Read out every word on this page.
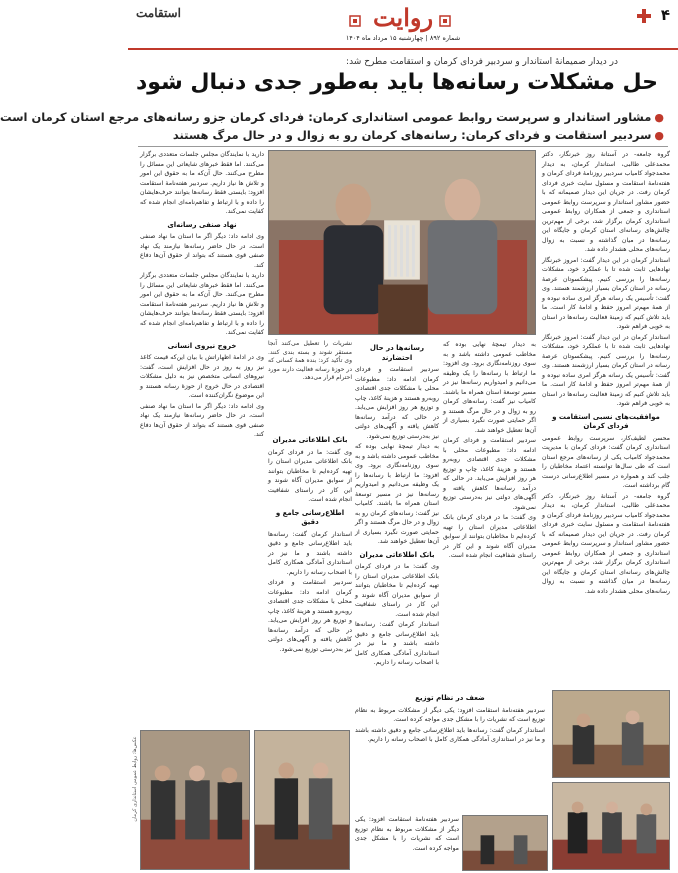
۴
روایت
استقامت
شماره ۸۹۲ | چهارشنبه ۱۵ مرداد ماه ۱۴۰۴
در دیدار صمیمانهٔ استاندار و سردبیر فردای کرمان و استقامت مطرح شد:
حل مشکلات رسانه‌ها باید به‌طور جدی دنبال شود
●مشاور استاندار و سرپرست روابط عمومی استانداری کرمان: فردای کرمان جزو رسانه‌های مرجع استان کرمان است
●سردبیر استقامت و فردای کرمان: رسانه‌های کرمان رو به زوال و در حال مرگ هستند

گروه جامعه- در آستانهٔ روز خبرنگار، دکتر محمدعلی طالبی، استاندار کرمان، به دیدار محمدجواد کامیاب سردبیر روزنامهٔ فردای کرمان و هفته‌نامهٔ استقامت و مسئول سایت خبری فردای کرمان رفت. در جریان این دیدار صمیمانه که با حضور مشاور استاندار و سرپرست روابط عمومی استانداری و جمعی از همکاران روابط عمومی استانداری کرمان برگزار شد، برخی از مهم‌ترین چالش‌های رسانه‌ای استان کرمان و جایگاه این رسانه‌ها در میان گذاشته و نسبت به زوال رسانه‌های محلی هشدار داده شد.

استاندار کرمان در این دیدار گفت: امروز خبرنگار نهادهایی ثابت شده تا با عملکرد خود، مشکلات رسانه‌ها را بررسی کنیم. پیشکسوتان عرصهٔ رسانه در استان کرمان بسیار ارزشمند هستند. وی گفت: تأسیس یک رسانه هرگز امری ساده نبوده و از همهٔ مهم‌تر امروز حفظ و ادامهٔ کار است. ما باید تلاش کنیم که زمینهٔ فعالیت رسانه‌ها در استان به خوبی فراهم شود.

استاندار کرمان در این دیدار گفت: امروز خبرنگار نهادهایی ثابت شده تا با عملکرد خود، مشکلات رسانه‌ها را بررسی کنیم. پیشکسوتان عرصهٔ رسانه در استان کرمان بسیار ارزشمند هستند. وی گفت: تأسیس یک رسانه هرگز امری ساده نبوده و از همهٔ مهم‌تر امروز حفظ و ادامهٔ کار است. ما باید تلاش کنیم که زمینهٔ فعالیت رسانه‌ها در استان به خوبی فراهم شود.

موافقیت‌های نسبی استقامت و فردای کرمان

محسن لطیف‌کار، سرپرست روابط عمومی استانداری کرمان گفت: فردای کرمان با مدیریت محمدجواد کامیاب یکی از رسانه‌های مرجع استان است که طی سال‌ها توانسته اعتماد مخاطبان را جلب کند و همواره در مسیر اطلاع‌رسانی درست گام برداشته است.

گروه جامعه- در آستانهٔ روز خبرنگار، دکتر محمدعلی طالبی، استاندار کرمان، به دیدار محمدجواد کامیاب سردبیر روزنامهٔ فردای کرمان و هفته‌نامهٔ استقامت و مسئول سایت خبری فردای کرمان رفت. در جریان این دیدار صمیمانه که با حضور مشاور استاندار و سرپرست روابط عمومی استانداری و جمعی از همکاران روابط عمومی استانداری کرمان برگزار شد، برخی از مهم‌ترین چالش‌های رسانه‌ای استان کرمان و جایگاه این رسانه‌ها در میان گذاشته و نسبت به زوال رسانه‌های محلی هشدار داده شد.

نشریات را تعطیل می‌کنند آنجا مستقر شوند و بسته بندی کنند. وی تأکید کرد: بنده همهٔ کسانی که در حوزهٔ رسانه فعالیت دارند مورد احترام قرار می‌دهد.
رسانه‌ها در حال احتضارند

سردبیر استقامت و فردای کرمان ادامه داد: مطبوعات محلی با مشکلات جدی اقتصادی روبه‌رو هستند و هزینهٔ کاغذ، چاپ و توزیع هر روز افزایش می‌یابد. در حالی که درآمد رسانه‌ها کاهش یافته و آگهی‌های دولتی نیز به‌درستی توزیع نمی‌شود.

به دیدار تیمچهٔ نهایی بوده که مخاطب عمومی داشته باشد و به سوی روزنامه‌نگاری برود. وی افزود: ما ارتباط با رسانه‌ها را یک وظیفه می‌دانیم و امیدواریم رسانه‌ها نیز در مسیر توسعهٔ استان همراه ما باشند. کامیاب نیز گفت: رسانه‌های کرمان رو به زوال و در حال مرگ هستند و اگر حمایتی صورت نگیرد بسیاری از آن‌ها تعطیل خواهند شد.

بانک اطلاعاتی مدیران

وی گفت: ما در فردای کرمان بانک اطلاعاتی مدیران استان را تهیه کرده‌ایم تا مخاطبان بتوانند از سوابق مدیران آگاه شوند و این کار در راستای شفافیت انجام شده است.

استاندار کرمان گفت: رسانه‌ها باید اطلاع‌رسانی جامع و دقیق داشته باشند و ما نیز در استانداری آمادگی همکاری کامل با اصحاب رسانه را داریم.

به دیدار تیمچهٔ نهایی بوده که مخاطب عمومی داشته باشد و به سوی روزنامه‌نگاری برود. وی افزود: ما ارتباط با رسانه‌ها را یک وظیفه می‌دانیم و امیدواریم رسانه‌ها نیز در مسیر توسعهٔ استان همراه ما باشند. کامیاب نیز گفت: رسانه‌های کرمان رو به زوال و در حال مرگ هستند و اگر حمایتی صورت نگیرد بسیاری از آن‌ها تعطیل خواهند شد.

سردبیر استقامت و فردای کرمان ادامه داد: مطبوعات محلی با مشکلات جدی اقتصادی روبه‌رو هستند و هزینهٔ کاغذ، چاپ و توزیع هر روز افزایش می‌یابد. در حالی که درآمد رسانه‌ها کاهش یافته و آگهی‌های دولتی نیز به‌درستی توزیع نمی‌شود.

وی گفت: ما در فردای کرمان بانک اطلاعاتی مدیران استان را تهیه کرده‌ایم تا مخاطبان بتوانند از سوابق مدیران آگاه شوند و این کار در راستای شفافیت انجام شده است.

بانک اطلاعاتی مدیران

وی گفت: ما در فردای کرمان بانک اطلاعاتی مدیران استان را تهیه کرده‌ایم تا مخاطبان بتوانند از سوابق مدیران آگاه شوند و این کار در راستای شفافیت انجام شده است.

اطلاع‌رسانی جامع و دقیق

استاندار کرمان گفت: رسانه‌ها باید اطلاع‌رسانی جامع و دقیق داشته باشند و ما نیز در استانداری آمادگی همکاری کامل با اصحاب رسانه را داریم.

سردبیر استقامت و فردای کرمان ادامه داد: مطبوعات محلی با مشکلات جدی اقتصادی روبه‌رو هستند و هزینهٔ کاغذ، چاپ و توزیع هر روز افزایش می‌یابد. در حالی که درآمد رسانه‌ها کاهش یافته و آگهی‌های دولتی نیز به‌درستی توزیع نمی‌شود.

دارید با نمایندگان مجلس جلسات متعددی برگزار می‌کنند. اما فقط خبرهای شایعاتی این مسائل را مطرح می‌کنند. حال آن‌که ما به حقوق این امور و تلاش ها نیاز داریم. سردبیر هفته‌نامهٔ استقامت افزود: بایستی فقط رسانه‌ها بتوانند حرف‌هایشان را داده و با ارتباط و تفاهم‌نامه‌ای انجام شده که کفایت نمی‌کند.

نهاد صنفی رسانه‌ای

وی ادامه داد: دیگر اگر ما استان ما نهاد صنفی است، در حال حاضر رسانه‌ها نیازمند یک نهاد صنفی قوی هستند که بتواند از حقوق آن‌ها دفاع کند.

دارید با نمایندگان مجلس جلسات متعددی برگزار می‌کنند. اما فقط خبرهای شایعاتی این مسائل را مطرح می‌کنند. حال آن‌که ما به حقوق این امور و تلاش ها نیاز داریم. سردبیر هفته‌نامهٔ استقامت افزود: بایستی فقط رسانه‌ها بتوانند حرف‌هایشان را داده و با ارتباط و تفاهم‌نامه‌ای انجام شده که کفایت نمی‌کند.

خروج نیروی انسانی

وی در ادامهٔ اظهاراتش با بیان این‌که قیمت کاغذ نیز روز به روز در حال افزایش است، گفت: نیروهای انسانی متخصص نیز به دلیل مشکلات اقتصادی در حال خروج از حوزهٔ رسانه هستند و این موضوع نگران‌کننده است.

وی ادامه داد: دیگر اگر ما استان ما نهاد صنفی است، در حال حاضر رسانه‌ها نیازمند یک نهاد صنفی قوی هستند که بتواند از حقوق آن‌ها دفاع کند.

ضعف در نظام توزیع

سردبیر هفته‌نامهٔ استقامت افزود: یکی دیگر از مشکلات مربوط به نظام توزیع است که نشریات را با مشکل جدی مواجه کرده است.

استاندار کرمان گفت: رسانه‌ها باید اطلاع‌رسانی جامع و دقیق داشته باشند و ما نیز در استانداری آمادگی همکاری کامل با اصحاب رسانه را داریم.

سردبیر هفته‌نامهٔ استقامت افزود: یکی دیگر از مشکلات مربوط به نظام توزیع است که نشریات را با مشکل جدی مواجه کرده است.

عکس‌ها: روابط عمومی استانداری کرمان
